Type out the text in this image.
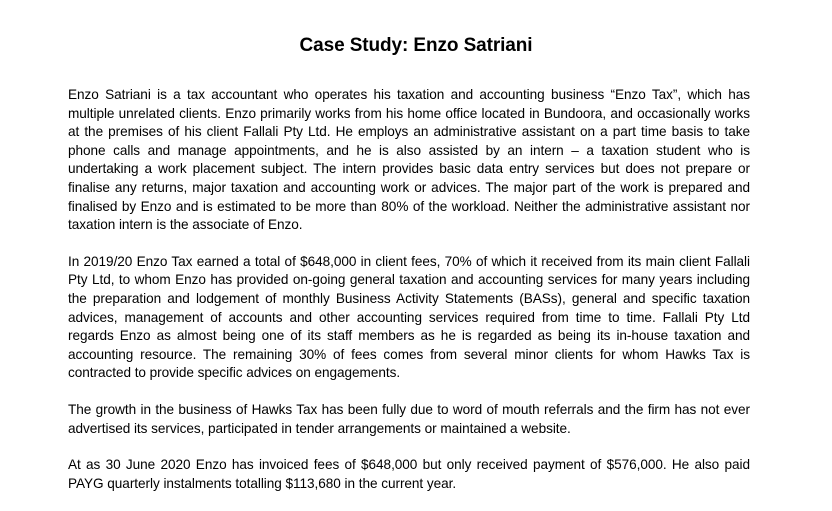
Case Study: Enzo Satriani

Enzo Satriani is a tax accountant who operates his taxation and accounting business “Enzo Tax”, which has multiple unrelated clients. Enzo primarily works from his home office located in Bundoora, and occasionally works at the premises of his client Fallali Pty Ltd. He employs an administrative assistant on a part time basis to take phone calls and manage appointments, and he is also assisted by an intern – a taxation student who is undertaking a work placement subject. The intern provides basic data entry services but does not prepare or finalise any returns, major taxation and accounting work or advices. The major part of the work is prepared and finalised by Enzo and is estimated to be more than 80% of the workload. Neither the administrative assistant nor taxation intern is the associate of Enzo.

In 2019/20 Enzo Tax earned a total of $648,000 in client fees, 70% of which it received from its main client Fallali Pty Ltd, to whom Enzo has provided on-going general taxation and accounting services for many years including the preparation and lodgement of monthly Business Activity Statements (BASs), general and specific taxation advices, management of accounts and other accounting services required from time to time. Fallali Pty Ltd regards Enzo as almost being one of its staff members as he is regarded as being its in-house taxation and accounting resource. The remaining 30% of fees comes from several minor clients for whom Hawks Tax is contracted to provide specific advices on engagements.

The growth in the business of Hawks Tax has been fully due to word of mouth referrals and the firm has not ever advertised its services, participated in tender arrangements or maintained a website.

At as 30 June 2020 Enzo has invoiced fees of $648,000 but only received payment of $576,000. He also paid PAYG quarterly instalments totalling $113,680 in the current year.
